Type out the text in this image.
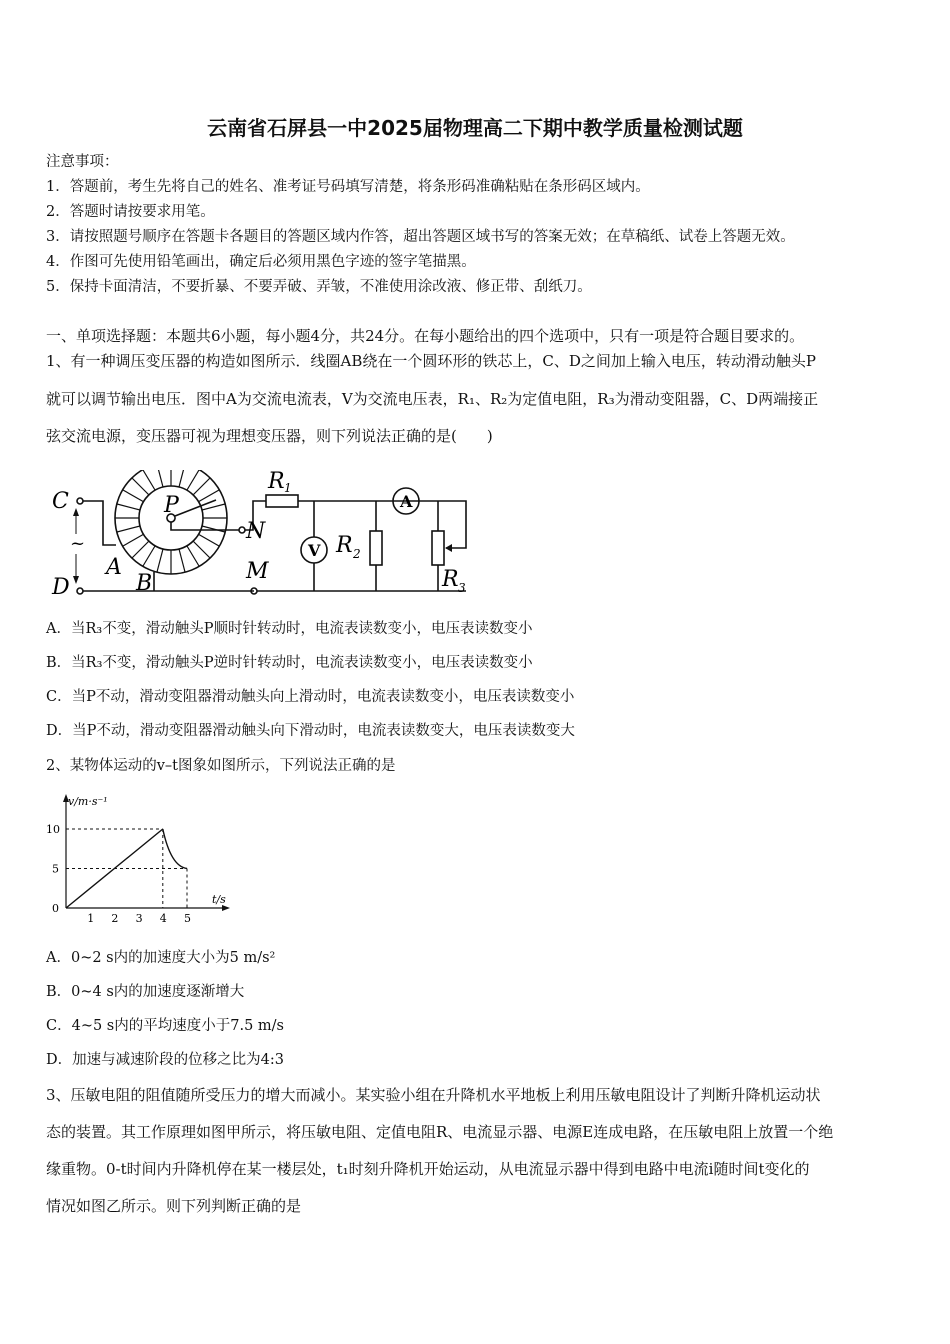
云南省石屏县一中2025届物理高二下期中教学质量检测试题
注意事项：
1．答题前，考生先将自己的姓名、准考证号码填写清楚，将条形码准确粘贴在条形码区域内。
2．答题时请按要求用笔。
3．请按照题号顺序在答题卡各题目的答题区域内作答，超出答题区域书写的答案无效；在草稿纸、试卷上答题无效。
4．作图可先使用铅笔画出，确定后必须用黑色字迹的签字笔描黑。
5．保持卡面清洁，不要折暴、不要弄破、弄皱，不准使用涂改液、修正带、刮纸刀。
一、单项选择题：本题共6小题，每小题4分，共24分。在每小题给出的四个选项中，只有一项是符合题目要求的。
1、有一种调压变压器的构造如图所示．线圈AB绕在一个圆环形的铁芯上，C、D之间加上输入电压，转动滑动触头P
就可以调节输出电压．图中A为交流电流表，V为交流电压表，R₁、R₂为定值电阻，R₃为滑动变阻器，C、D两端接正
弦交流电源，变压器可视为理想变压器，则下列说法正确的是(　　)
C
D
P
A
B
N
M
R
R
R
1
2
3
A
V
~
A．当R₃不变，滑动触头P顺时针转动时，电流表读数变小，电压表读数变小
B．当R₃不变，滑动触头P逆时针转动时，电流表读数变小，电压表读数变小
C．当P不动，滑动变阻器滑动触头向上滑动时，电流表读数变小，电压表读数变小
D．当P不动，滑动变阻器滑动触头向下滑动时，电流表读数变大，电压表读数变大
2、某物体运动的v–t图象如图所示，下列说法正确的是
v/m·s⁻¹
t/s
1 2 3 4 5
0
5
10
A．0~2 s内的加速度大小为5 m/s²
B．0~4 s内的加速度逐渐增大
C．4~5 s内的平均速度小于7.5 m/s
D．加速与减速阶段的位移之比为4:3
3、压敏电阻的阻值随所受压力的增大而减小。某实验小组在升降机水平地板上利用压敏电阻设计了判断升降机运动状
态的装置。其工作原理如图甲所示，将压敏电阻、定值电阻R、电流显示器、电源E连成电路，在压敏电阻上放置一个绝
缘重物。0-t时间内升降机停在某一楼层处，t₁时刻升降机开始运动，从电流显示器中得到电路中电流i随时间t变化的
情况如图乙所示。则下列判断正确的是
